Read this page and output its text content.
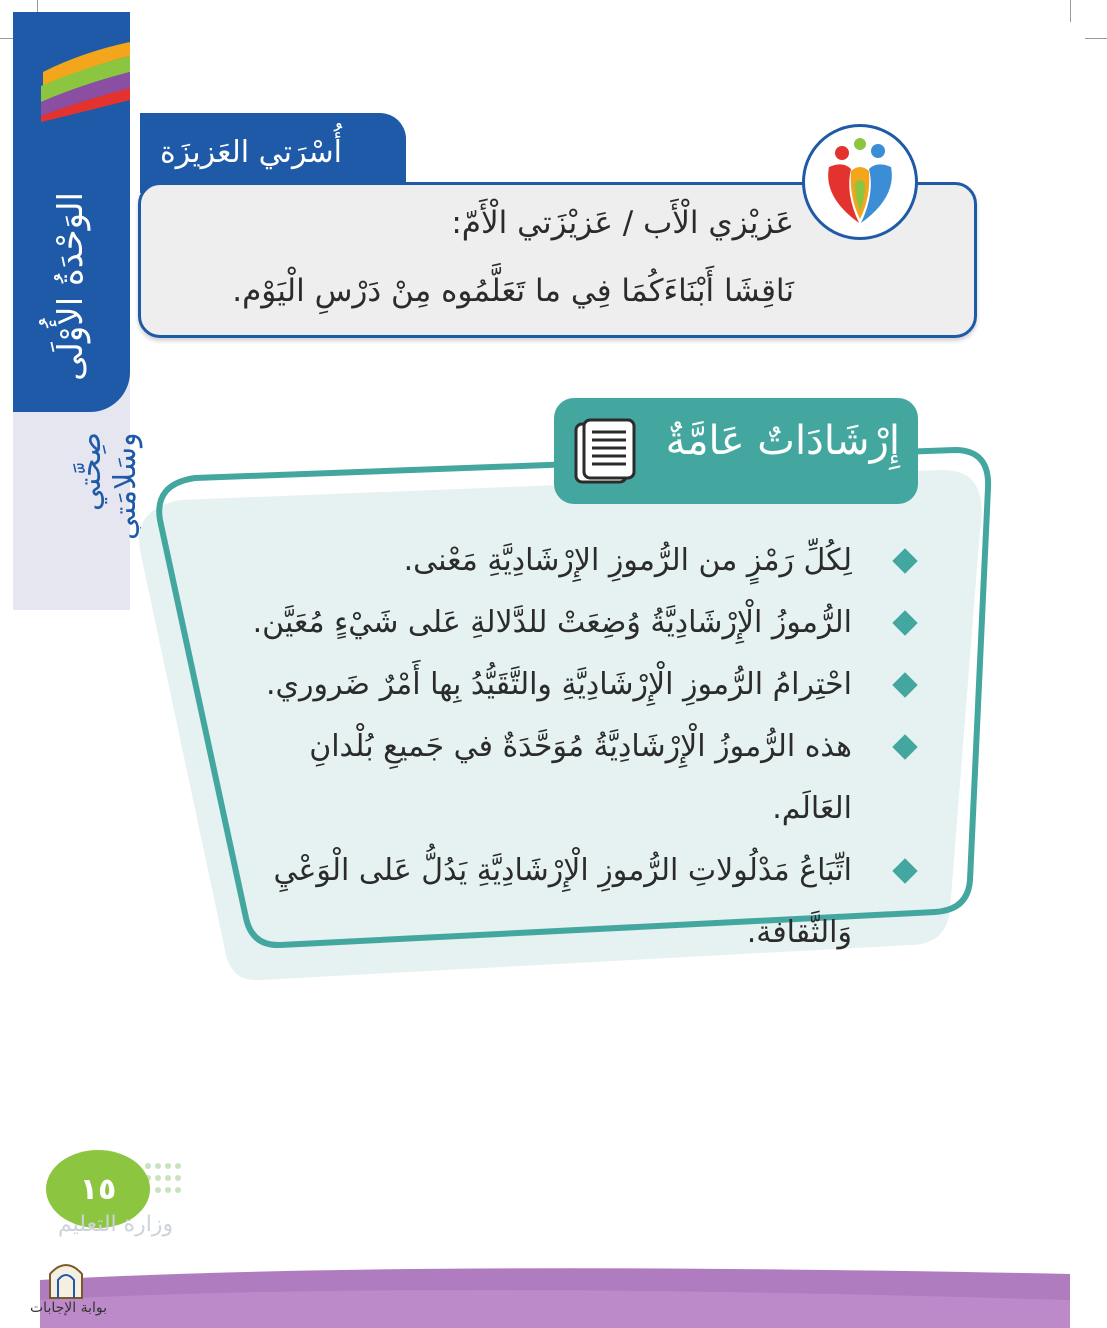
الوَحْدَةُ الأُوْلَى
صِحَّتي وسَلامَتي
أُسْرَتي العَزيزَة
عَزيْزي الْأَب / عَزيْزَتي الْأَمّ:
نَاقِشَا أَبْنَاءَكُمَا فِي ما تَعَلَّمُوه مِنْ دَرْسِ الْيَوْم.
إِرْشَادَاتٌ عَامَّةٌ
لِكُلِّ رَمْزٍ من الرُّموزِ الإِرْشَادِيَّةِ مَعْنى.
الرُّموزُ الْإِرْشَادِيَّةُ وُضِعَتْ للدَّلالةِ عَلى شَيْءٍ مُعَيَّن.
احْتِرامُ الرُّموزِ الْإِرْشَادِيَّةِ والتَّقَيُّدُ بِها أَمْرٌ ضَروري.
هذه الرُّموزُ الْإِرْشَادِيَّةُ مُوَحَّدَةٌ في جَميعِ بُلْدانِ العَالَم.
اتِّبَاعُ مَدْلُولاتِ الرُّموزِ الْإِرْشَادِيَّةِ يَدُلُّ عَلى الْوَعْيِ وَالثَّقافة.
١٥
وزارة التعليم
بوابة الإجابات
